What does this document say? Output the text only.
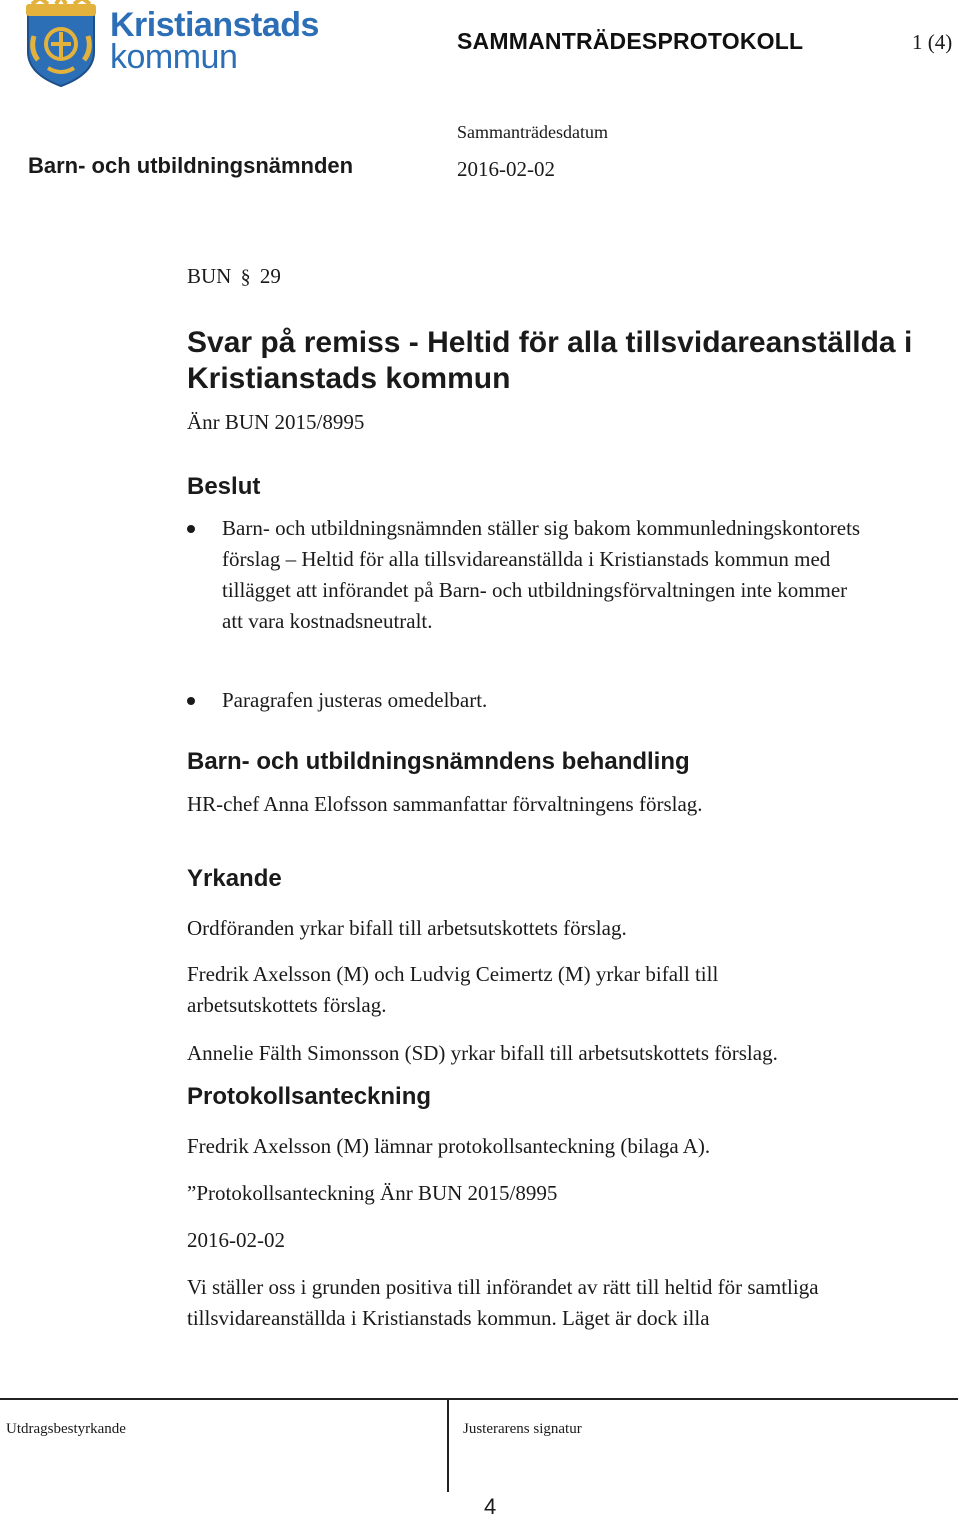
Kristianstads
kommun	SAMMANTRÄDESPROTOKOLL	1 (4)
Sammanträdesdatum
Barn- och utbildningsnämnden	2016-02-02
BUN § 29
Svar på remiss - Heltid för alla tillsvidareanställda i Kristianstads kommun
Änr BUN 2015/8995
Beslut
Barn- och utbildningsnämnden ställer sig bakom kommunledningskontorets förslag – Heltid för alla tillsvidareanställda i Kristianstads kommun med tillägget att införandet på Barn- och utbildningsförvaltningen inte kommer att vara kostnadsneutralt.
Paragrafen justeras omedelbart.
Barn- och utbildningsnämndens behandling
HR-chef Anna Elofsson sammanfattar förvaltningens förslag.
Yrkande
Ordföranden yrkar bifall till arbetsutskottets förslag.
Fredrik Axelsson (M) och Ludvig Ceimertz (M) yrkar bifall till arbetsutskottets förslag.
Annelie Fälth Simonsson (SD) yrkar bifall till arbetsutskottets förslag.
Protokollsanteckning
Fredrik Axelsson (M) lämnar protokollsanteckning (bilaga A).
”Protokollsanteckning Änr BUN 2015/8995
2016-02-02
Vi ställer oss i grunden positiva till införandet av rätt till heltid för samtliga tillsvidareanställda i Kristianstads kommun. Läget är dock illa
Utdragsbestyrkande	Justerarens signatur
4
